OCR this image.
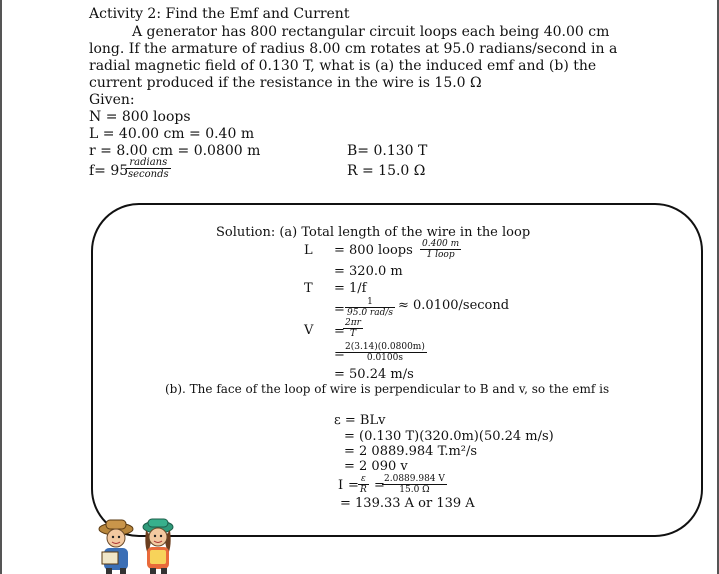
Activity 2: Find the Emf and Current
A generator has 800 rectangular circuit loops each being 40.00 cm
long. If the armature of radius 8.00 cm rotates at 95.0 radians/second in a
radial magnetic field of 0.130 T, what is (a) the induced emf and (b) the
current produced if the resistance in the wire is 15.0 Ω
Given:
N = 800 loops
L = 40.00 cm = 0.40 m
r = 8.00 cm = 0.0800 m
f= 95
radians
seconds
B= 0.130 T
R = 15.0 Ω
Solution: (a) Total length of the wire in the loop
L = 800 loops 0.400 m
1 loop
= 320.0 m
T = 1/f
=	1
95.0 rad/s ≈ 0.0100/second
V =
$\frac{2\pi r}{T}$
=
$\frac{2(3.14)(0.0800m)}{0.0100s}$
= 50.24 m/s
(b). The face of the loop of wire is perpendicular to B and v, so the emf is
ε = BLv
= (0.130 T)(320.0m)(50.24 m/s)
= 2 0889.984 T.m²/s
= 2 090 v
$I = \frac{\varepsilon}{R}$ =
$\frac{2.0889.984 V}{15.0 \Omega}$
= 139.33 A or 139 A
